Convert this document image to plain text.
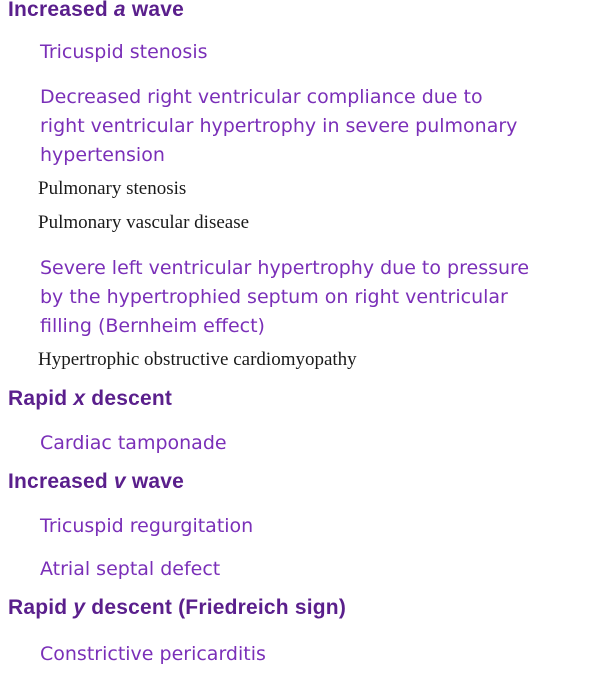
Increased a wave
Tricuspid stenosis
Decreased right ventricular compliance due to
right ventricular hypertrophy in severe pulmonary
hypertension
Pulmonary stenosis
Pulmonary vascular disease
Severe left ventricular hypertrophy due to pressure
by the hypertrophied septum on right ventricular
filling (Bernheim effect)
Hypertrophic obstructive cardiomyopathy
Rapid x descent
Cardiac tamponade
Increased v wave
Tricuspid regurgitation
Atrial septal defect
Rapid y descent (Friedreich sign)
Constrictive pericarditis
